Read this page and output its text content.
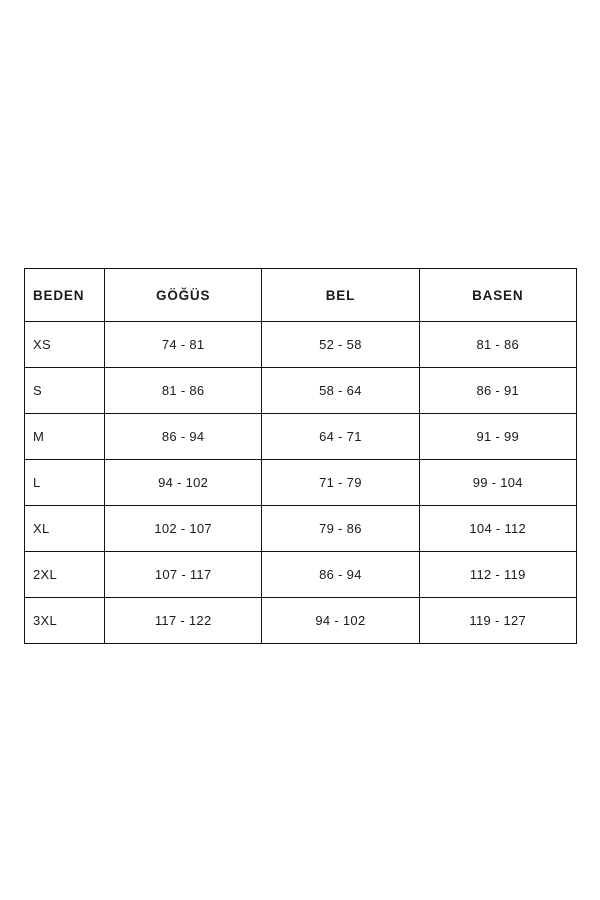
BEDEN	GÖĞÜS	BEL	BASEN
XS	74 - 81	52 - 58	81 - 86
S	81 - 86	58 - 64	86 - 91
M	86 - 94	64 - 71	91 - 99
L	94 - 102	71 - 79	99 - 104
XL	102 - 107	79 - 86	104 - 112
2XL	107 - 117	86 - 94	112 - 119
3XL	117 - 122	94 - 102	119 - 127
